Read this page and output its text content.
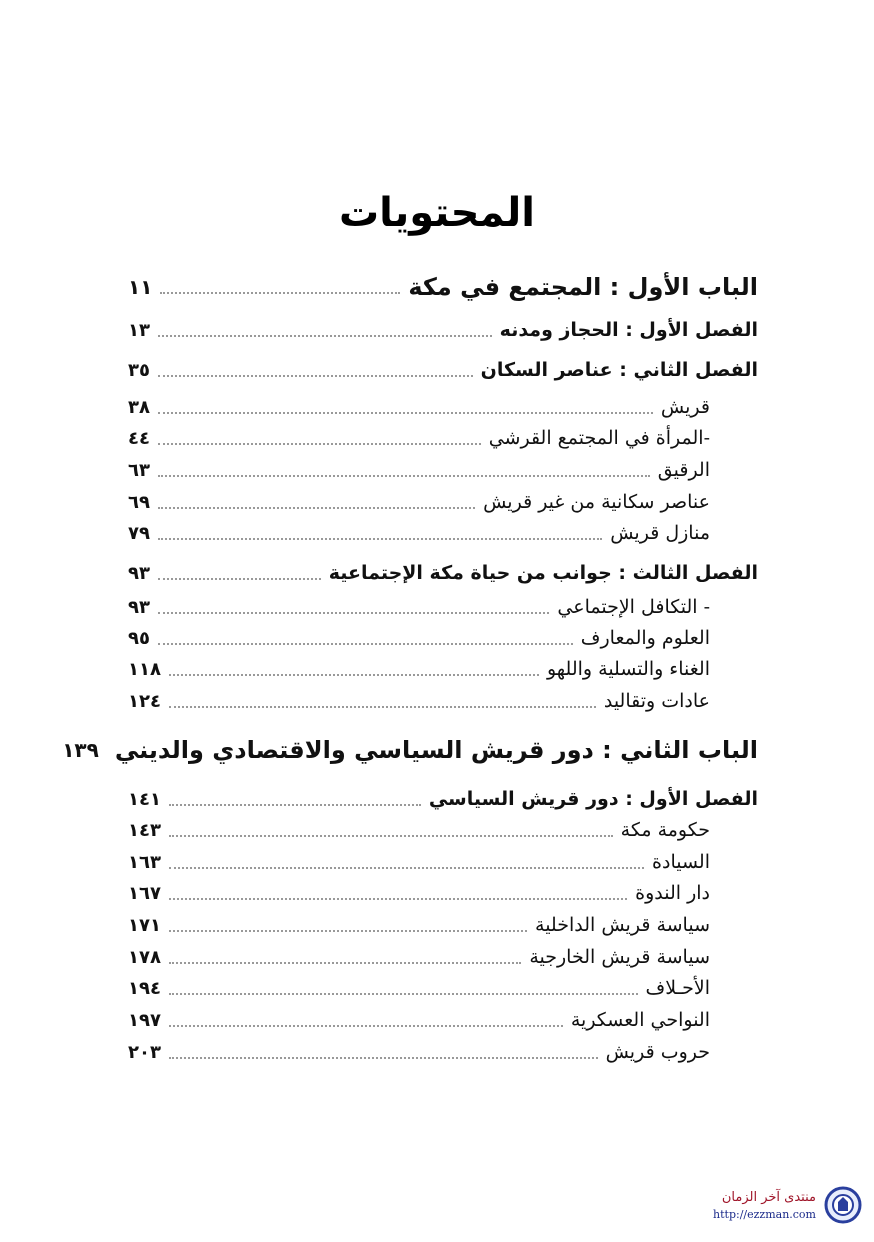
المحتويات
الباب الأول : المجتمع في مكة
١١
الفصل الأول : الحجاز ومدنه
١٣
الفصل الثاني : عناصر السكان
٣٥
قريش
٣٨
-المرأة في المجتمع القرشي
٤٤
الرقيق
٦٣
عناصر سكانية من غير قريش
٦٩
منازل قريش
٧٩
الفصل الثالث : جوانب من حياة مكة الإجتماعية
٩٣
- التكافل الإجتماعي
٩٣
العلوم والمعارف
٩٥
الغناء والتسلية واللهو
١١٨
عادات وتقاليد
١٢٤
الباب الثاني : دور قريش السياسي والاقتصادي والديني
١٣٩
الفصل الأول : دور قريش السياسي
١٤١
حكومة مكة
١٤٣
السيادة
١٦٣
دار الندوة
١٦٧
سياسة قريش الداخلية
١٧١
سياسة قريش الخارجية
١٧٨
الأحـلاف
١٩٤
النواحي العسكرية
١٩٧
حروب قريش
٢٠٣
منتدى آخر الزمان
http://ezzman.com
